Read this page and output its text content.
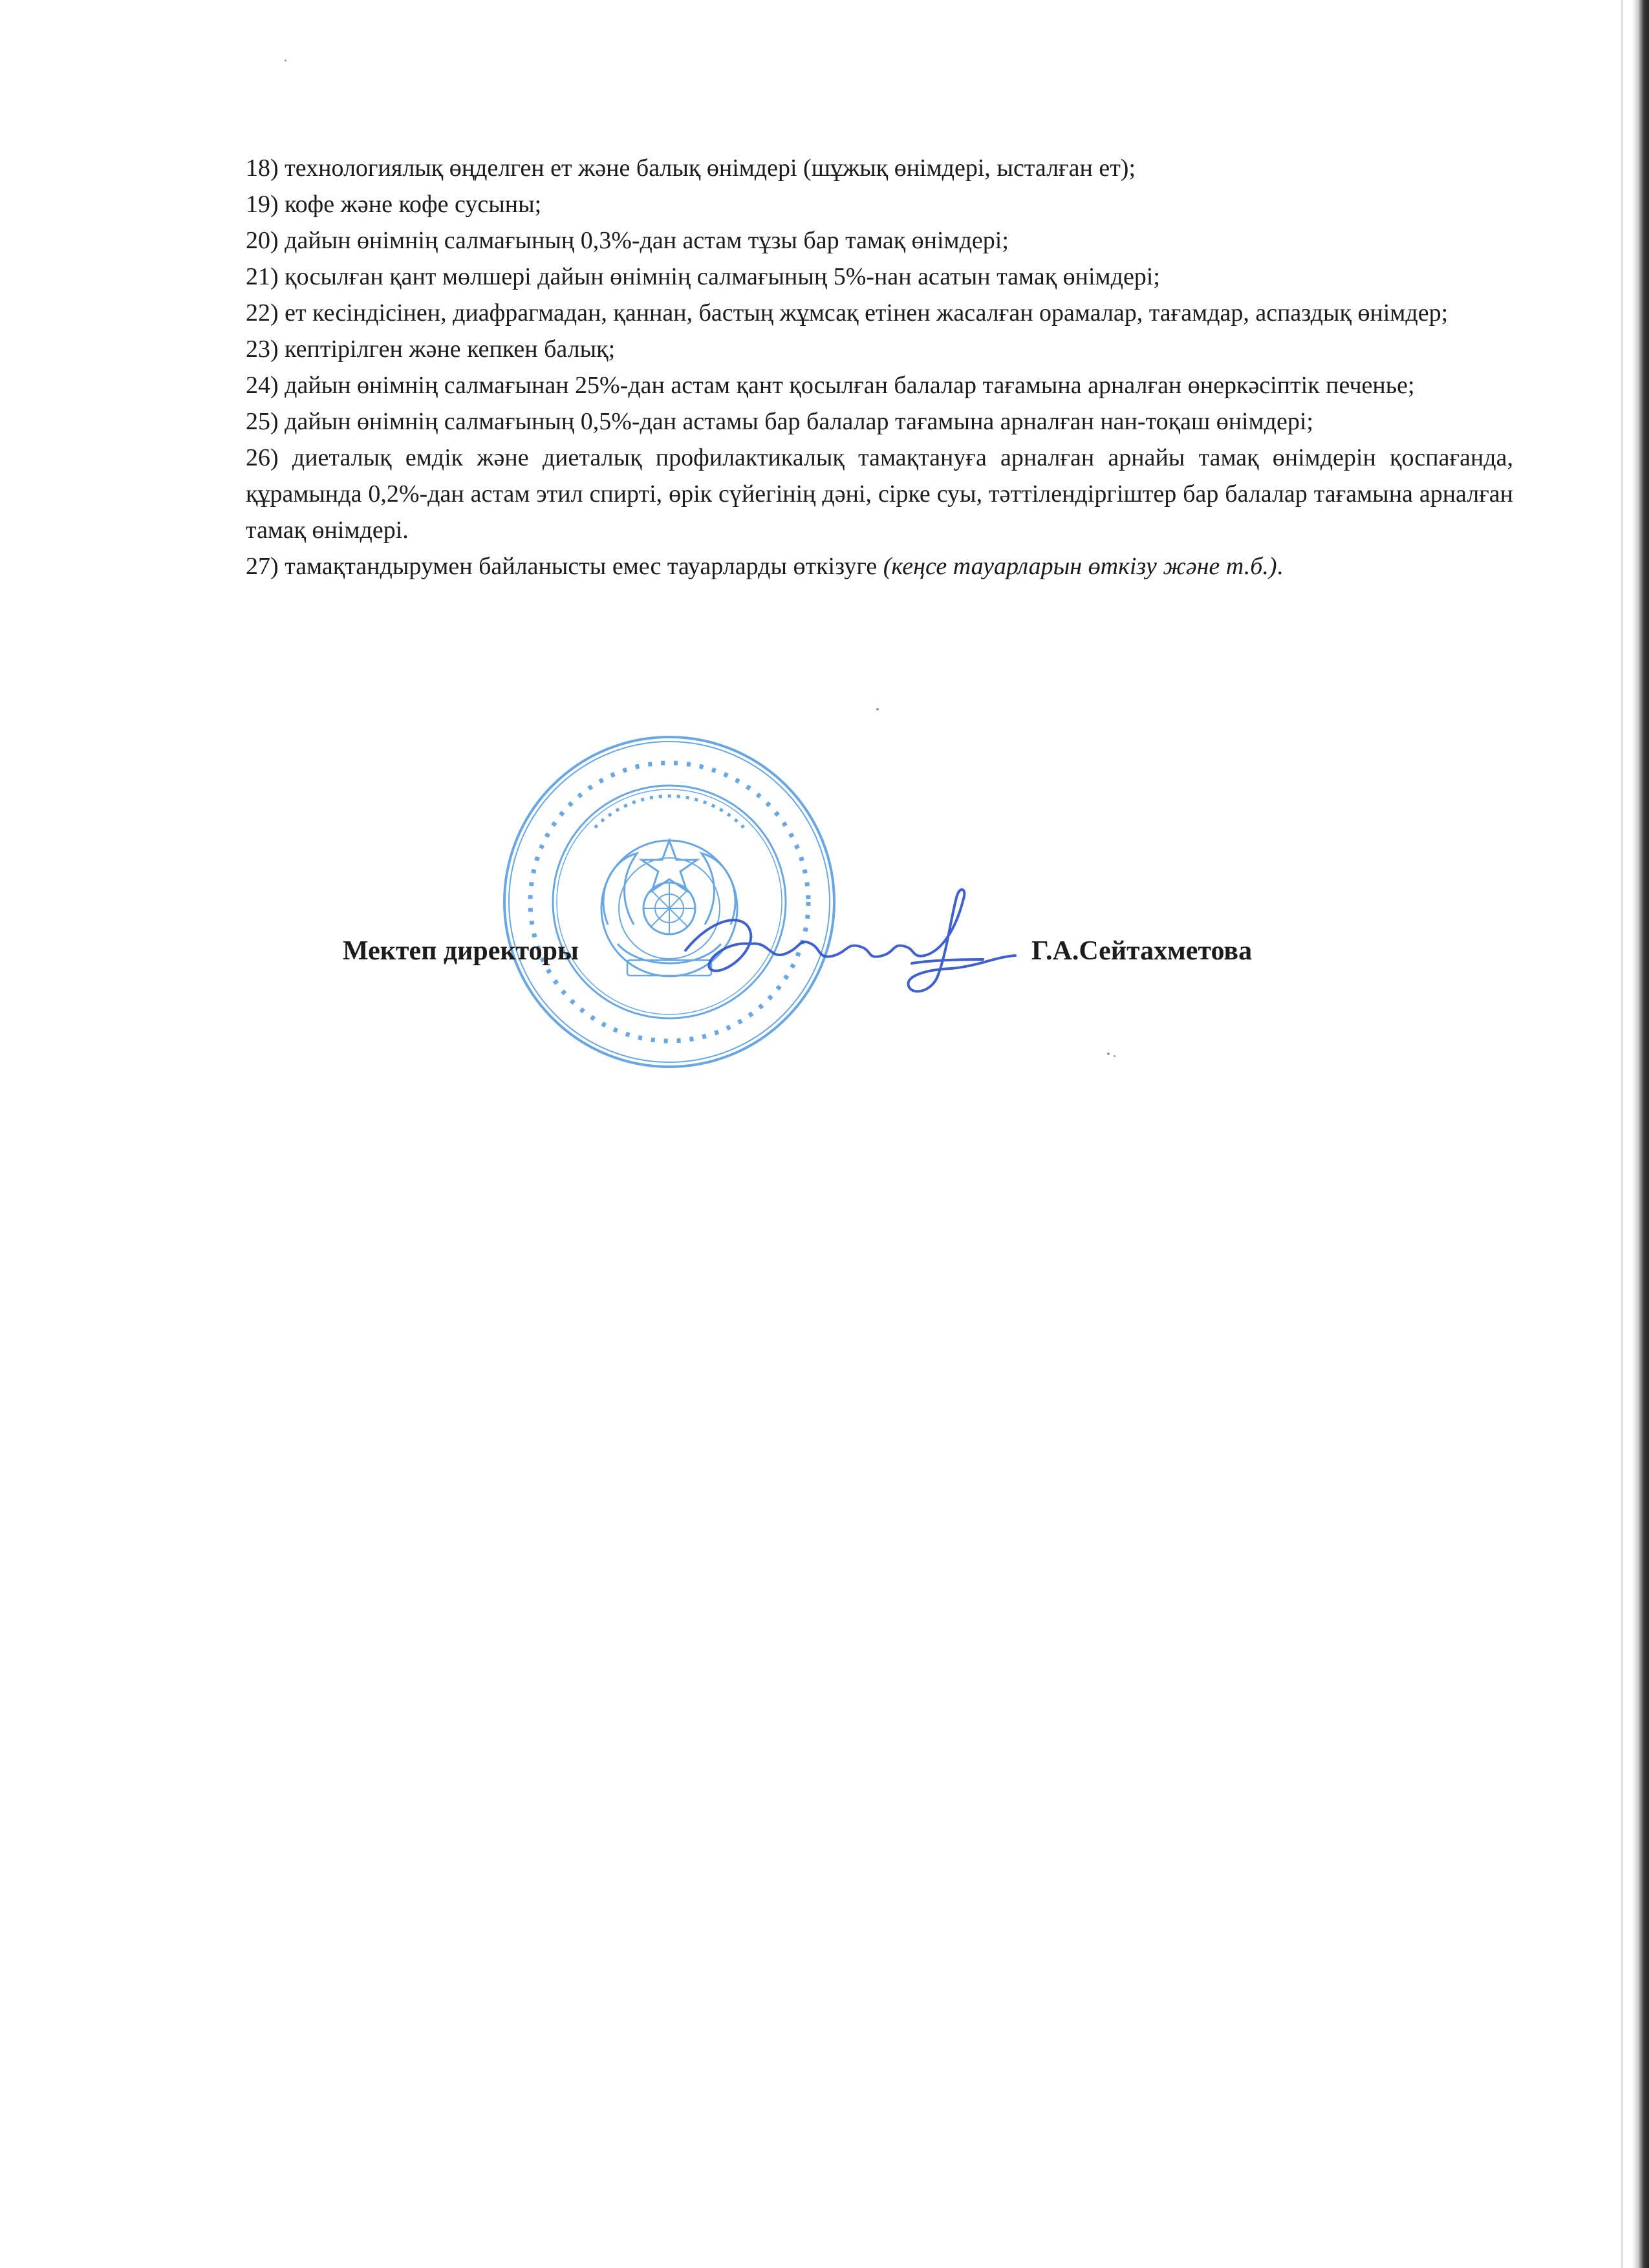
18) технологиялық өңделген ет және балық өнімдері (шұжық өнімдері, ысталған ет);

19) кофе және кофе сусыны;

20) дайын өнімнің салмағының 0,3%-дан астам тұзы бар тамақ өнімдері;

21) қосылған қант мөлшері дайын өнімнің салмағының 5%-нан асатын тамақ өнімдері;

22) ет кесіндісінен, диафрагмадан, қаннан, бастың жұмсақ етінен жасалған орамалар, тағамдар, аспаздық өнімдер;

23) кептірілген және кепкен балық;

24) дайын өнімнің салмағынан 25%-дан астам қант қосылған балалар тағамына арналған өнеркәсіптік печенье;

25) дайын өнімнің салмағының 0,5%-дан астамы бар балалар тағамына арналған нан-тоқаш өнімдері;

26) диеталық емдік және диеталық профилактикалық тамақтануға арналған арнайы тамақ өнімдерін қоспағанда, құрамында 0,2%-дан астам этил спирті, өрік сүйегінің дәні, сірке суы, тәттілендіргіштер бар балалар тағамына арналған тамақ өнімдері.

27) тамақтандырумен байланысты емес тауарларды өткізуге (кеңсе тауарларын өткізу және т.б.).

Мектеп директоры	Г.А.Сейтахметова
